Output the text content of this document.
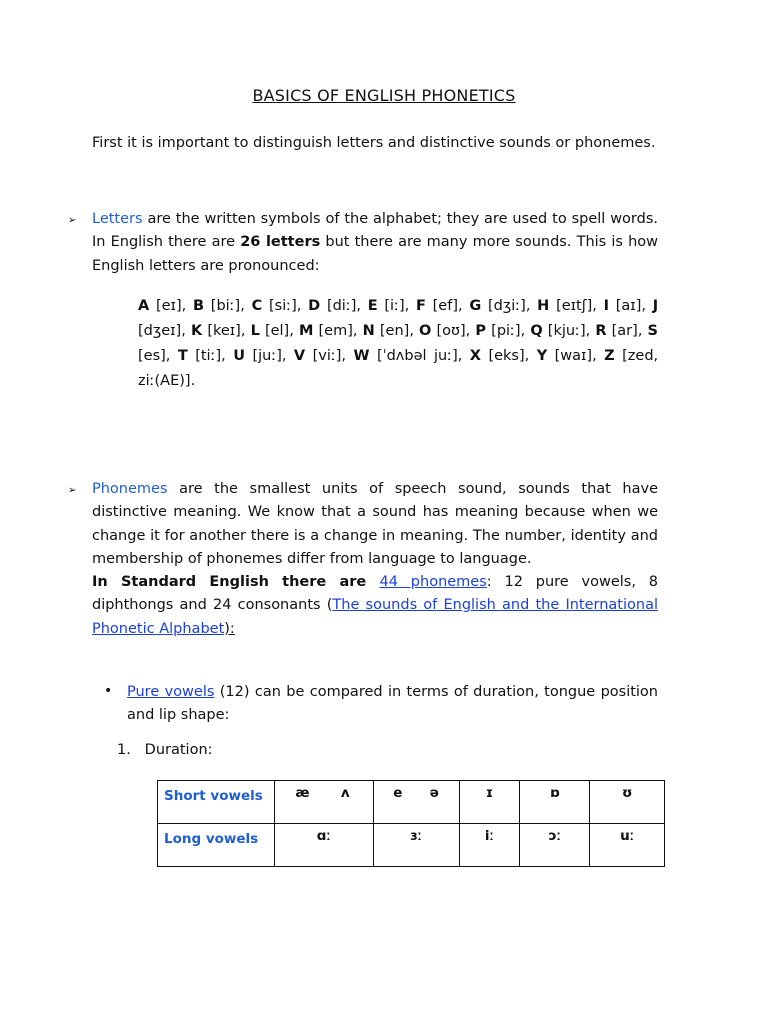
BASICS OF ENGLISH PHONETICS
First it is important to distinguish letters and distinctive sounds or phonemes.
➢ Letters are the written symbols of the alphabet; they are used to spell words. In English there are 26 letters but there are many more sounds. This is how English letters are pronounced:
A [eɪ], B [biː], C [siː], D [diː], E [iː], F [ef], G [dʒiː], H [eɪtʃ], I [aɪ], J [dʒeɪ], K [keɪ], L [el], M [em], N [en], O [oʊ], P [piː], Q [kjuː], R [ar], S [es], T [tiː], U [juː], V [viː], W [ˈdʌbəl juː], X [eks], Y [waɪ], Z [zed, ziː(AE)].
➢ Phonemes are the smallest units of speech sound, sounds that have distinctive meaning. We know that a sound has meaning because when we change it for another there is a change in meaning. The number, identity and membership of phonemes differ from language to language.
In Standard English there are 44 phonemes: 12 pure vowels, 8 diphthongs and 24 consonants (The sounds of English and the International Phonetic Alphabet):
• Pure vowels (12) can be compared in terms of duration, tongue position and lip shape:
1. Duration:
Short vowels	æ ʌ	e ə	ɪ	ɒ	ʊ
Long vowels	ɑː	ɜː	iː	ɔː	uː
